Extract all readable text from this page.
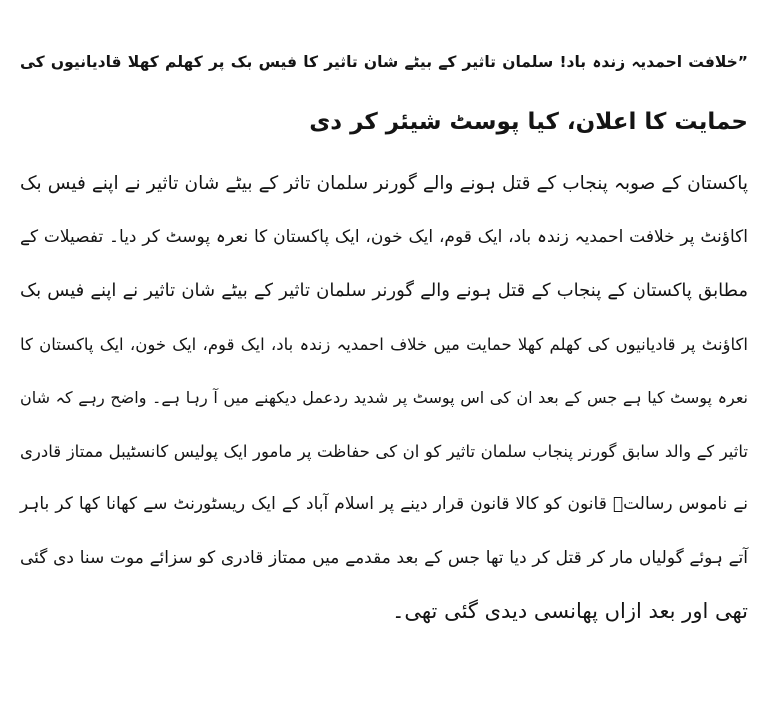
”خلافت احمدیہ زندہ باد! سلمان تاثیر کے بیٹے شان تاثیر کا فیس بک پر کھلم کھلا قادیانیوں کی
حمایت کا اعلان، کیا پوسٹ شیئر کر دی
پاکستان کے صوبہ پنجاب کے قتل ہونے والے گورنر سلمان تاثر کے بیٹے شان تاثیر نے اپنے فیس بک
اکاؤنٹ پر خلافت احمدیہ زندہ باد، ایک قوم، ایک خون، ایک پاکستان کا نعرہ پوسٹ کر دیا۔ تفصیلات کے
مطابق پاکستان کے پنجاب کے قتل ہونے والے گورنر سلمان تاثیر کے بیٹے شان تاثیر نے اپنے فیس بک
اکاؤنٹ پر قادیانیوں کی کھلم کھلا حمایت میں خلاف احمدیہ زندہ باد، ایک قوم، ایک خون، ایک پاکستان کا
نعرہ پوسٹ کیا ہے جس کے بعد ان کی اس پوسٹ پر شدید ردعمل دیکھنے میں آ رہا ہے۔ واضح رہے کہ شان
تاثیر کے والد سابق گورنر پنجاب سلمان تاثیر کو ان کی حفاظت پر مامور ایک پولیس کانسٹیبل ممتاز قادری
نے ناموس رسالتؐ قانون کو کالا قانون قرار دینے پر اسلام آباد کے ایک ریسٹورنٹ سے کھانا کھا کر باہر
آتے ہوئے گولیاں مار کر قتل کر دیا تھا جس کے بعد مقدمے میں ممتاز قادری کو سزائے موت سنا دی گئی
تھی اور بعد ازاں پھانسی دیدی گئی تھی۔
